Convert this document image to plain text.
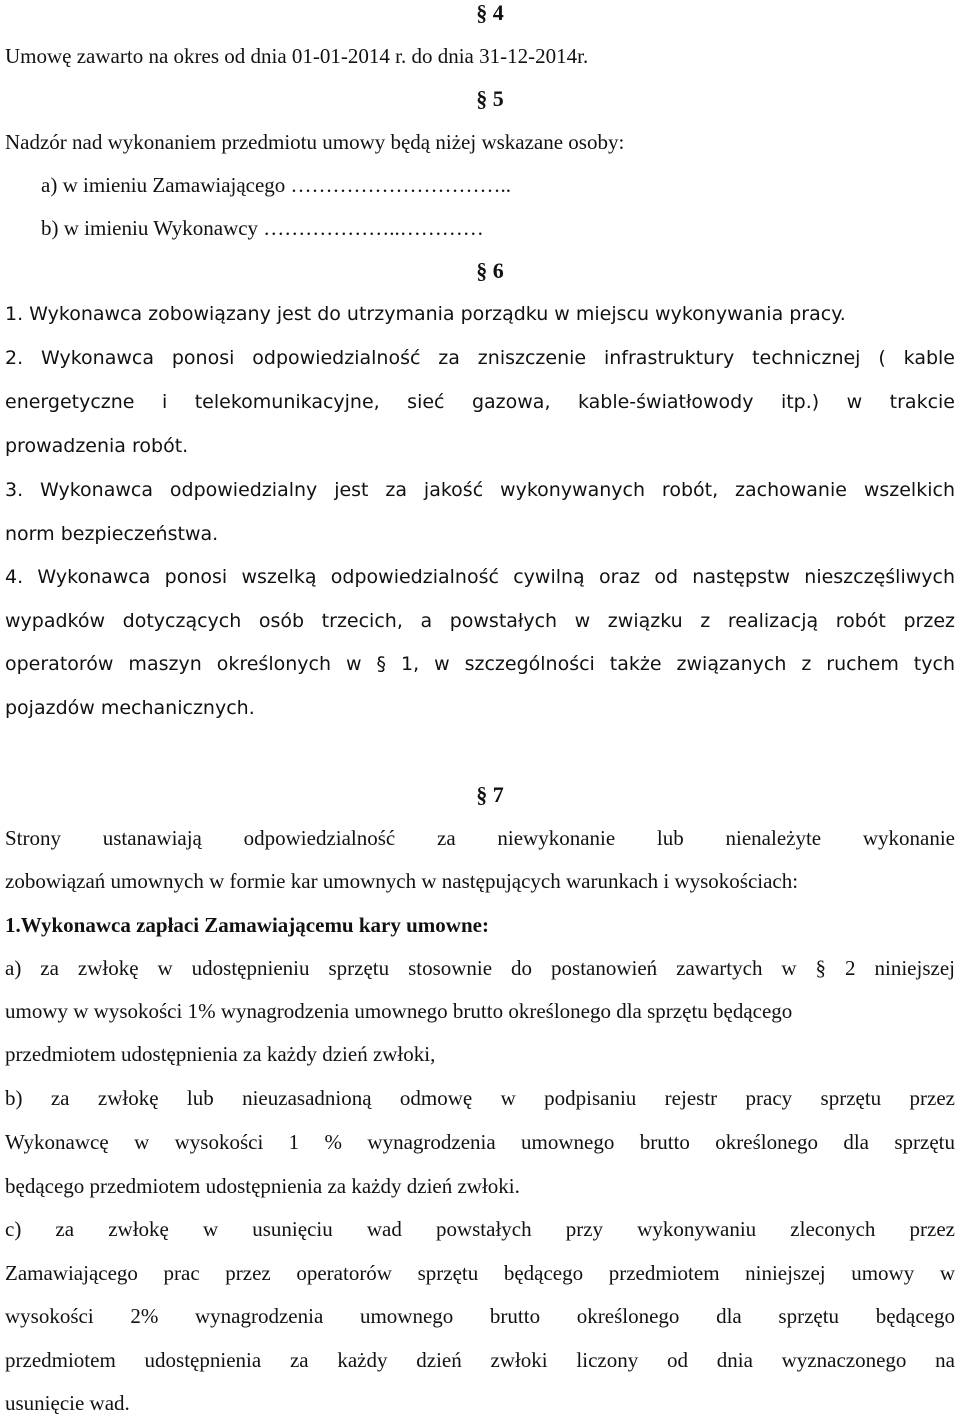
§ 4
Umowę zawarto na okres od dnia 01-01-2014 r. do dnia 31-12-2014r.
§ 5
Nadzór nad wykonaniem przedmiotu umowy będą niżej wskazane osoby:
a) w imieniu Zamawiającego …………………………..
b) w imieniu Wykonawcy ………………..…………
§ 6
1. Wykonawca zobowiązany jest do utrzymania porządku w miejscu wykonywania pracy.
2. Wykonawca ponosi odpowiedzialność za zniszczenie infrastruktury technicznej ( kable
energetyczne i telekomunikacyjne, sieć gazowa, kable-światłowody itp.) w trakcie
prowadzenia robót.
3. Wykonawca odpowiedzialny jest za jakość wykonywanych robót, zachowanie wszelkich
norm bezpieczeństwa.
4. Wykonawca ponosi wszelką odpowiedzialność cywilną oraz od następstw nieszczęśliwych
wypadków dotyczących osób trzecich, a powstałych w związku z realizacją robót przez
operatorów maszyn określonych w § 1, w szczególności także związanych z ruchem tych
pojazdów mechanicznych.
§ 7
Strony ustanawiają odpowiedzialność za niewykonanie lub nienależyte wykonanie
zobowiązań umownych w formie kar umownych w następujących warunkach i wysokościach:
1.Wykonawca zapłaci Zamawiającemu kary umowne:
a) za zwłokę w udostępnieniu sprzętu stosownie do postanowień zawartych w § 2 niniejszej
umowy w wysokości 1% wynagrodzenia umownego brutto określonego dla sprzętu będącego
przedmiotem udostępnienia za każdy dzień zwłoki,
b) za zwłokę lub nieuzasadnioną odmowę w podpisaniu rejestr pracy sprzętu przez
Wykonawcę w wysokości 1 % wynagrodzenia umownego brutto określonego dla sprzętu
będącego przedmiotem udostępnienia za każdy dzień zwłoki.
c) za zwłokę w usunięciu wad powstałych przy wykonywaniu zleconych przez
Zamawiającego prac przez operatorów sprzętu będącego przedmiotem niniejszej umowy w
wysokości 2% wynagrodzenia umownego brutto określonego dla sprzętu będącego
przedmiotem udostępnienia za każdy dzień zwłoki liczony od dnia wyznaczonego na
usunięcie wad.
